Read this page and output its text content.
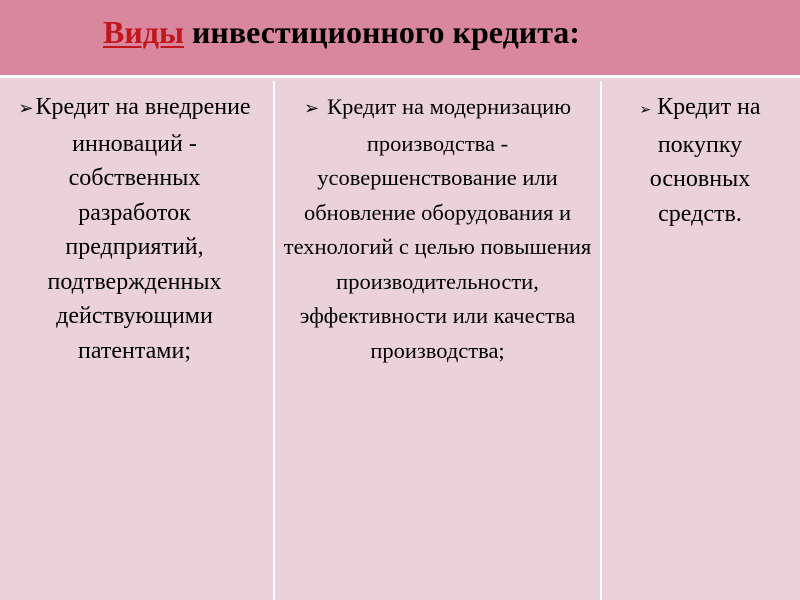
Виды инвестиционного кредита:
➢Кредит на внедрение инноваций - собственных разработок предприятий, подтвержденных действующими патентами;
➢ Кредит на модернизацию производства - усовершенствование или обновление оборудования и технологий с целью повышения производительности, эффективности или качества производства;
➢ Кредит на покупку основных средств.
